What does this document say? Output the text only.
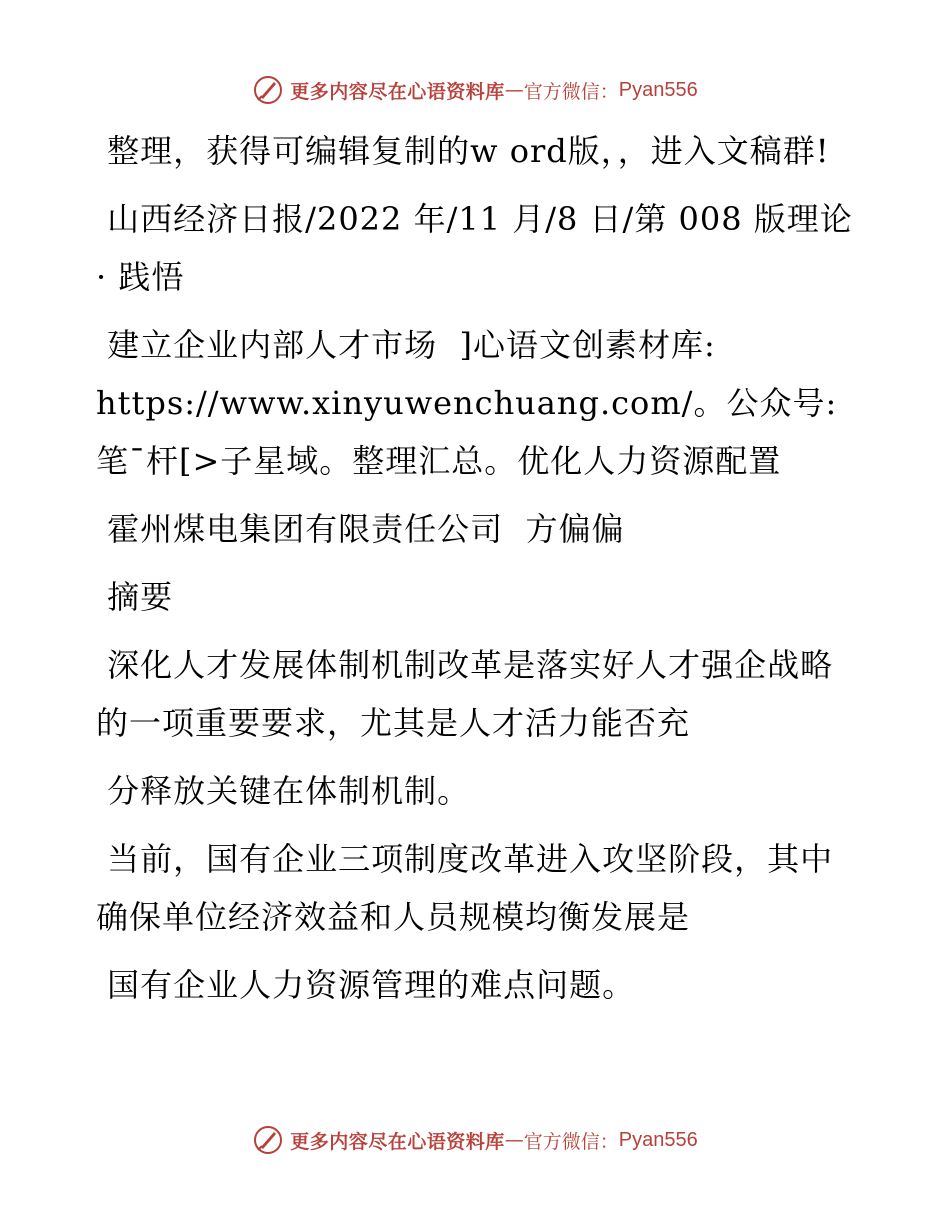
更多内容尽在心语资料库 — 官方微信： Pyan556

整理，获得可编辑复制的w ord版，，进入文稿群!

山西经济日报/2022 年/11 月/8 日/第 008 版理论· 践悟

建立企业内部人才市场  ]心语文创素材库: https://www.xinyuwenchuang.com/。公众号: 笔¯杆[>子星域。整理汇总。优化人力资源配置

霍州煤电集团有限责任公司  方偏偏

摘要

深化人才发展体制机制改革是落实好人才强企战略的一项重要要求，尤其是人才活力能否充

分释放关键在体制机制。

当前，国有企业三项制度改革进入攻坚阶段，其中确保单位经济效益和人员规模均衡发展是

国有企业人力资源管理的难点问题。

更多内容尽在心语资料库 — 官方微信： Pyan556
